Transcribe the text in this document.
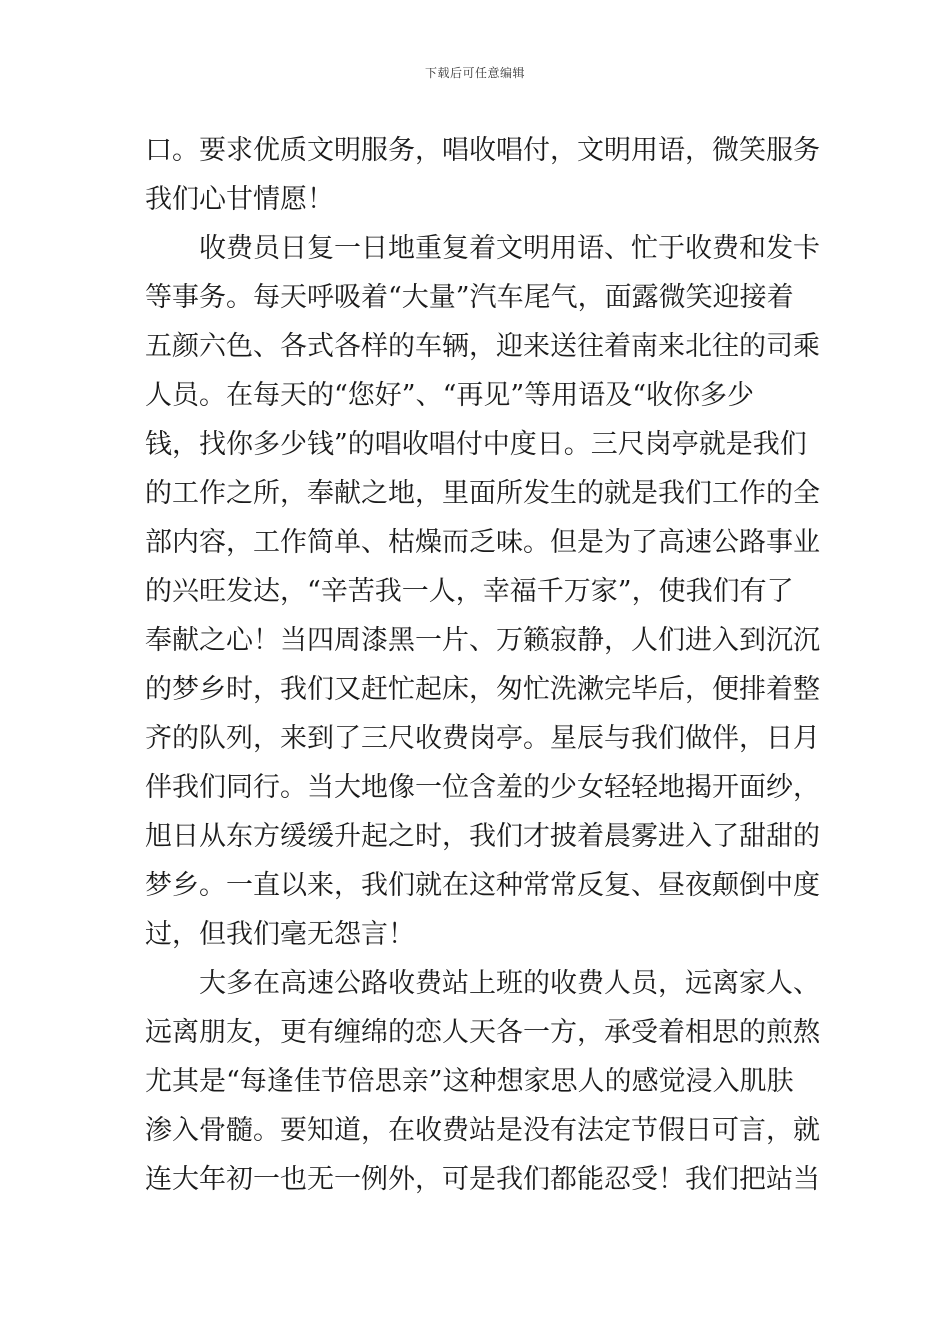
下载后可任意编辑
口。要求优质文明服务，唱收唱付，文明用语，微笑服务
我们心甘情愿！
收费员日复一日地重复着文明用语、忙于收费和发卡
等事务。每天呼吸着“大量”汽车尾气，面露微笑迎接着
五颜六色、各式各样的车辆，迎来送往着南来北往的司乘
人员。在每天的“您好”、“再见”等用语及“收你多少
钱，找你多少钱”的唱收唱付中度日。三尺岗亭就是我们
的工作之所，奉献之地，里面所发生的就是我们工作的全
部内容，工作简单、枯燥而乏味。但是为了高速公路事业
的兴旺发达，“辛苦我一人，幸福千万家”，使我们有了
奉献之心！当四周漆黑一片、万籁寂静，人们进入到沉沉
的梦乡时，我们又赶忙起床，匆忙洗漱完毕后，便排着整
齐的队列，来到了三尺收费岗亭。星辰与我们做伴，日月
伴我们同行。当大地像一位含羞的少女轻轻地揭开面纱，
旭日从东方缓缓升起之时，我们才披着晨雾进入了甜甜的
梦乡。一直以来，我们就在这种常常反复、昼夜颠倒中度
过，但我们毫无怨言！
大多在高速公路收费站上班的收费人员，远离家人、
远离朋友，更有缠绵的恋人天各一方，承受着相思的煎熬
尤其是“每逢佳节倍思亲”这种想家思人的感觉浸入肌肤
渗入骨髓。要知道，在收费站是没有法定节假日可言，就
连大年初一也无一例外，可是我们都能忍受！我们把站当
